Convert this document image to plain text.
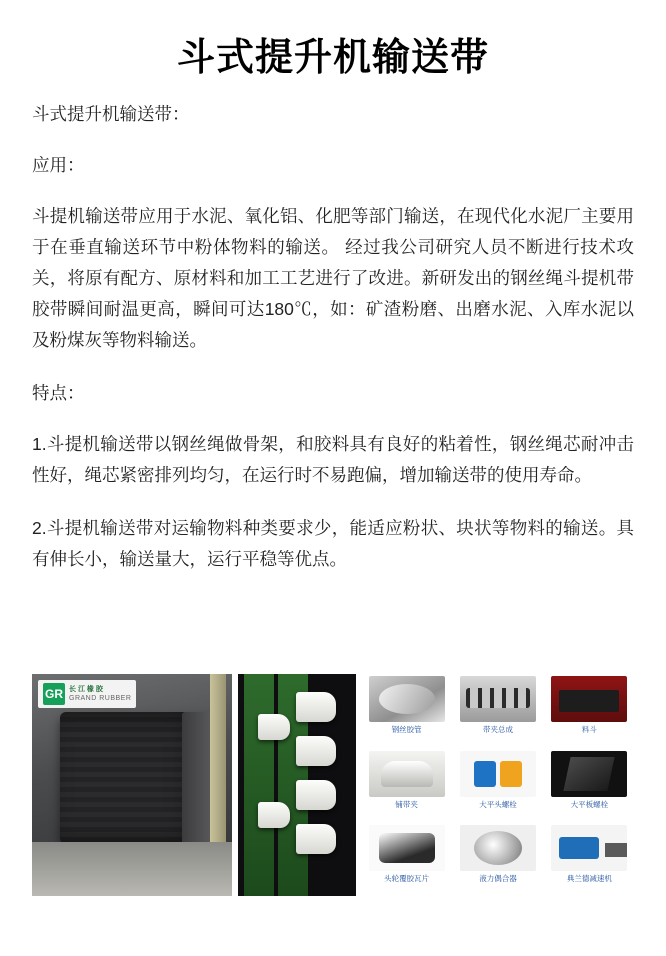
斗式提升机输送带

斗式提升机输送带：

应用：

斗提机输送带应用于水泥、氧化铝、化肥等部门输送，在现代化水泥厂主要用于在垂直输送环节中粉体物料的输送。 经过我公司研究人员不断进行技术攻关，将原有配方、原材料和加工工艺进行了改进。新研发出的钢丝绳斗提机带胶带瞬间耐温更高，瞬间可达180℃，如：矿渣粉磨、出磨水泥、入库水泥以及粉煤灰等物料输送。

特点：

1.斗提机输送带以钢丝绳做骨架，和胶料具有良好的粘着性，钢丝绳芯耐冲击性好，绳芯紧密排列均匀，在运行时不易跑偏，增加输送带的使用寿命。

2.斗提机输送带对运输物料种类要求少，能适应粉状、块状等物料的输送。具有伸长小，输送量大，运行平稳等优点。

GR 长 江 橡 胶
GRAND RUBBER
钢丝胶管	带夹总成	料斗
铺带夹	大平头螺栓	大平板螺栓
头轮覆胶瓦片	液力偶合器	典兰德减速机
